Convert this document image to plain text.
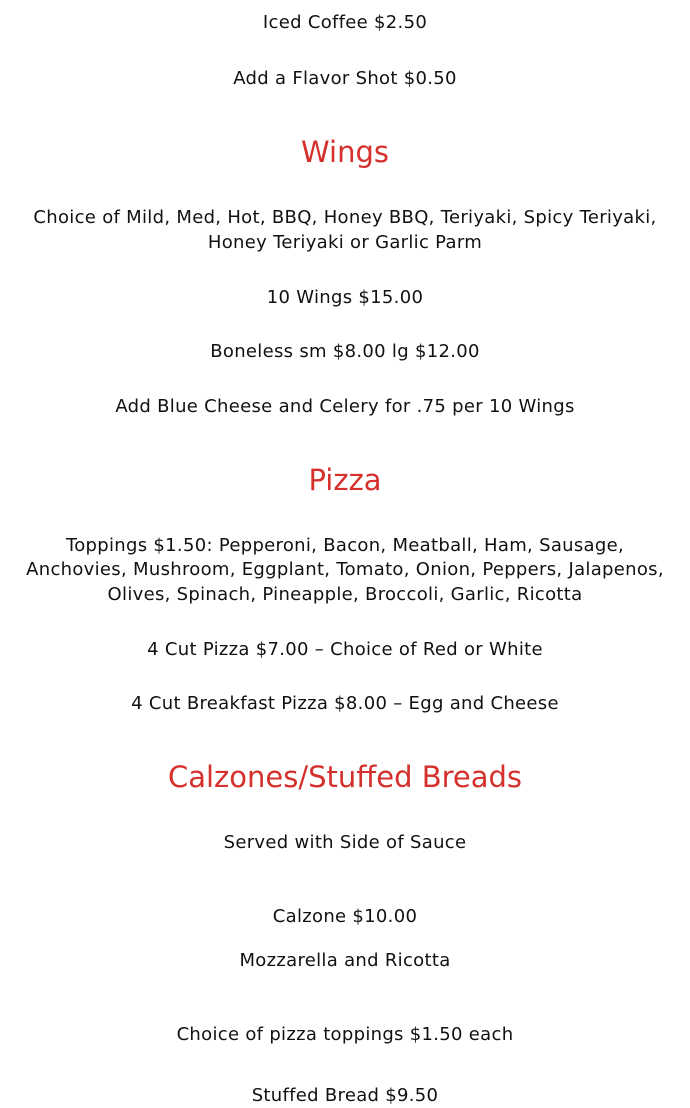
Iced Coffee $2.50
Add a Flavor Shot $0.50
Wings
Choice of Mild, Med, Hot, BBQ, Honey BBQ, Teriyaki, Spicy Teriyaki,
Honey Teriyaki or Garlic Parm
10 Wings $15.00
Boneless sm $8.00 lg $12.00
Add Blue Cheese and Celery for .75 per 10 Wings
Pizza
Toppings $1.50: Pepperoni, Bacon, Meatball, Ham, Sausage,
Anchovies, Mushroom, Eggplant, Tomato, Onion, Peppers, Jalapenos,
Olives, Spinach, Pineapple, Broccoli, Garlic, Ricotta
4 Cut Pizza $7.00 – Choice of Red or White
4 Cut Breakfast Pizza $8.00 – Egg and Cheese
Calzones/Stuffed Breads
Served with Side of Sauce
Calzone $10.00
Mozzarella and Ricotta
Choice of pizza toppings $1.50 each
Stuffed Bread $9.50
